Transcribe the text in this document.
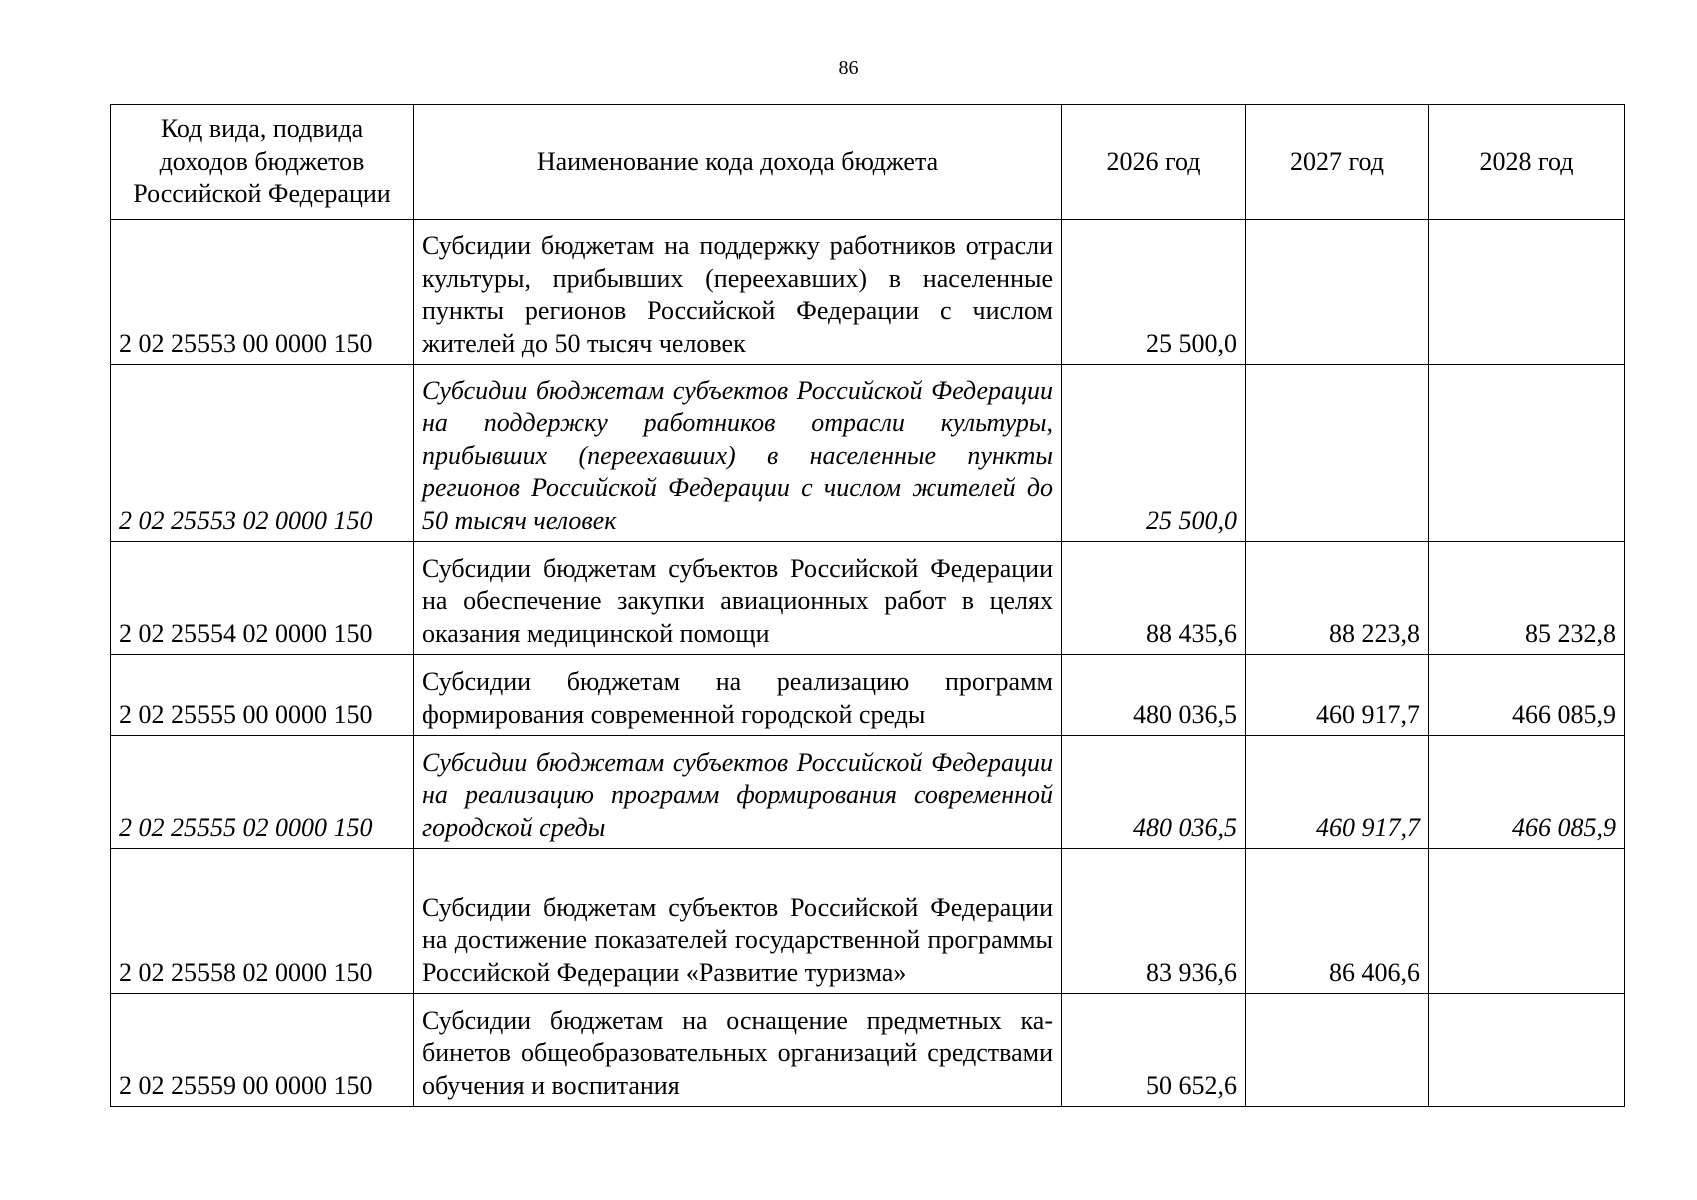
86
Код вида, подвида доходов бюджетов Российской Федерации	Наименование кода дохода бюджета	2026 год	2027 год	2028 год
2 02 25553 00 0000 150	Субсидии бюджетам на поддержку работников отрасли культуры, прибывших (переехавших) в населенные пункты регионов Российской Федерации с числом жителей до 50 тысяч человек	25 500,0		
2 02 25553 02 0000 150	Субсидии бюджетам субъектов Российской Федерации на поддержку работников отрасли культуры, прибывших (переехавших) в населенные пункты регионов Российской Федерации с числом жителей до 50 тысяч человек	25 500,0		
2 02 25554 02 0000 150	Субсидии бюджетам субъектов Российской Федерации на обеспечение закупки авиационных работ в целях оказания медицинской помощи	88 435,6	88 223,8	85 232,8
2 02 25555 00 0000 150	Субсидии бюджетам на реализацию программ формирования современной городской среды	480 036,5	460 917,7	466 085,9
2 02 25555 02 0000 150	Субсидии бюджетам субъектов Российской Федерации на реализацию программ формирования современной городской среды	480 036,5	460 917,7	466 085,9
2 02 25558 02 0000 150	Субсидии бюджетам субъектов Российской Федерации на достижение показателей государственной программы Российской Федерации «Развитие туризма»	83 936,6	86 406,6	
2 02 25559 00 0000 150	Субсидии бюджетам на оснащение предметных кабинетов общеобразовательных организаций средствами обучения и воспитания	50 652,6		
